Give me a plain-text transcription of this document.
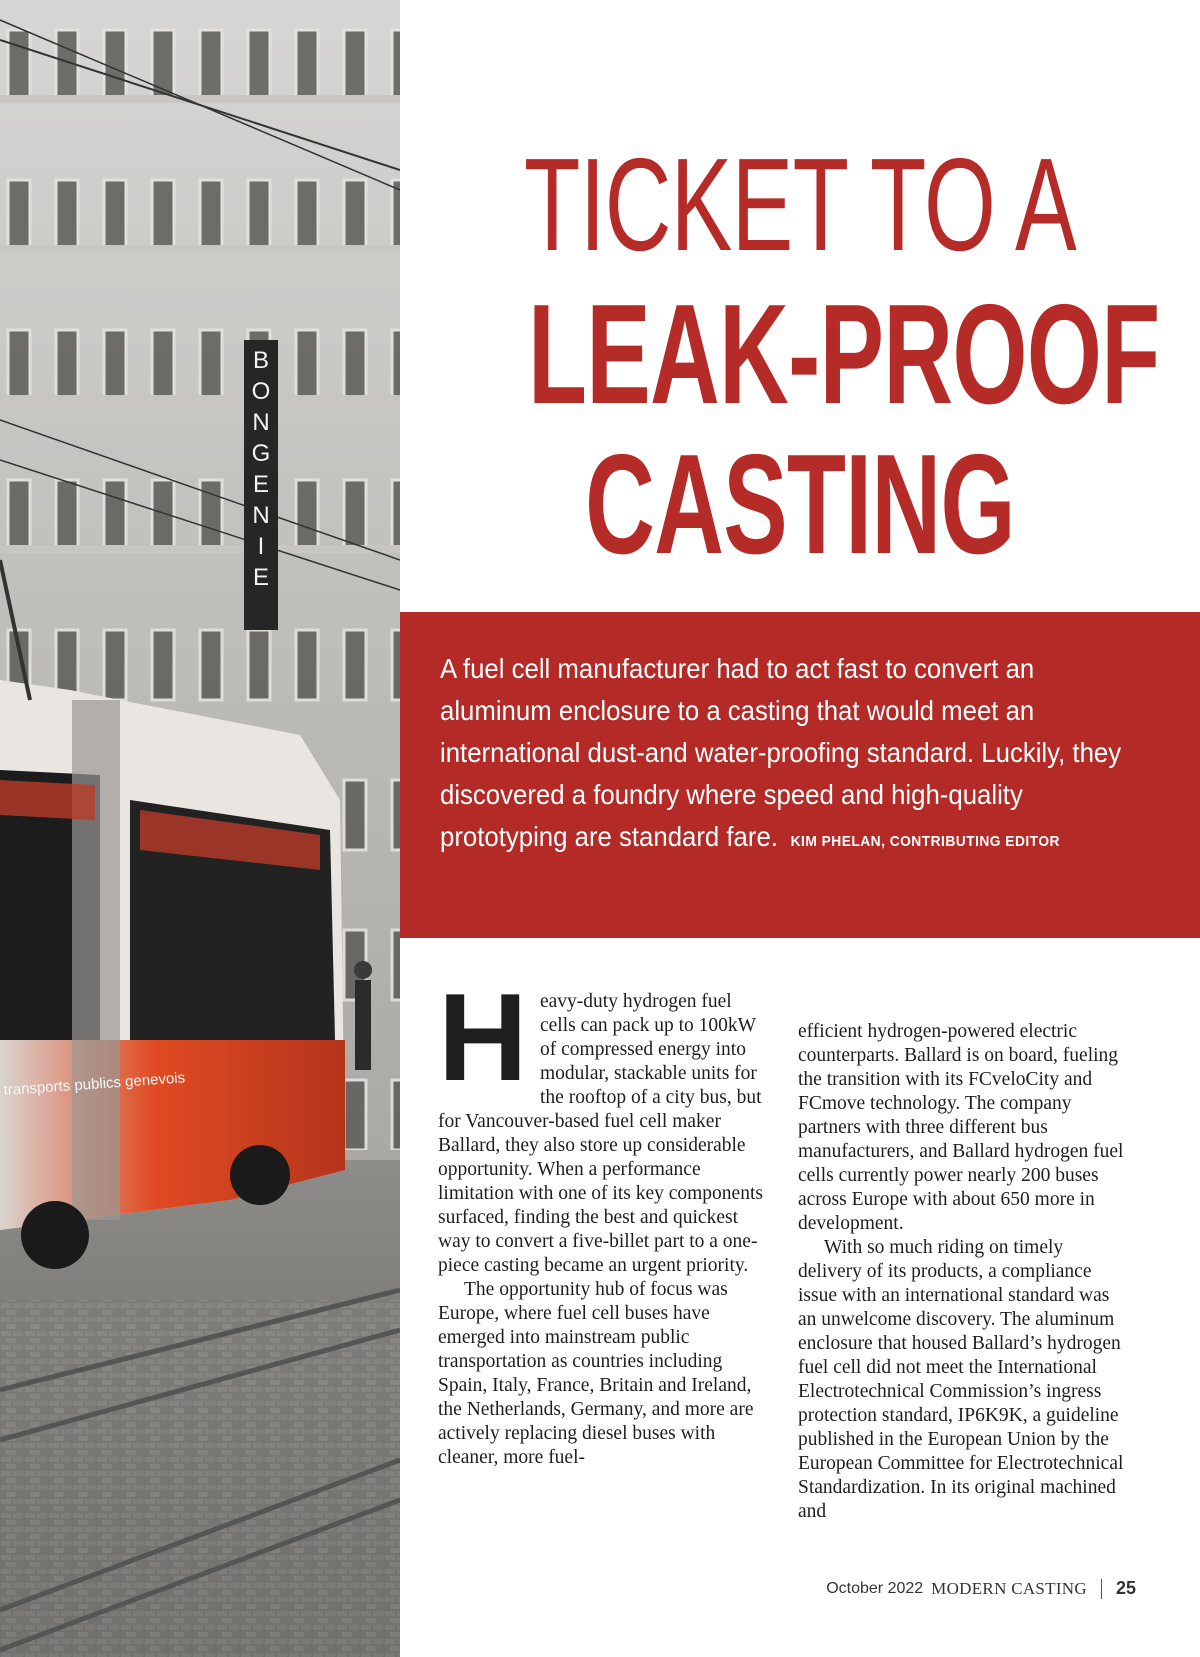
B
O
N
G
E
N
I
E
transports publics genevois
TICKET TO A
LEAK-PROOF
CASTING

A fuel cell manufacturer had to act fast to convert an aluminum enclosure to a casting that would meet an international dust-and water-proofing standard. Luckily, they discovered a foundry where speed and high-quality prototyping are standard fare. KIM PHELAN, CONTRIBUTING EDITOR

H eavy-duty hydrogen fuel cells can pack up to 100kW of compressed energy into modular, stackable units for the rooftop of a city bus, but for Vancouver-based fuel cell maker Ballard, they also store up considerable opportunity. When a performance limitation with one of its key components surfaced, finding the best and quickest way to convert a five-billet part to a one-piece casting became an urgent priority.

The opportunity hub of focus was Europe, where fuel cell buses have emerged into mainstream public transportation as countries including Spain, Italy, France, Britain and Ireland, the Netherlands, Germany, and more are actively replacing diesel buses with cleaner, more fuel-

efficient hydrogen-powered electric counterparts. Ballard is on board, fueling the transition with its FCveloCity and FCmove technology. The company partners with three different bus manufacturers, and Ballard hydrogen fuel cells currently power nearly 200 buses across Europe with about 650 more in development.

With so much riding on timely delivery of its products, a compliance issue with an international standard was an unwelcome discovery. The aluminum enclosure that housed Ballard’s hydrogen fuel cell did not meet the International Electrotechnical Commission’s ingress protection standard, IP6K9K, a guideline published in the European Union by the European Committee for Electrotechnical Standardization. In its original machined and

October 2022 MODERN CASTING 25
